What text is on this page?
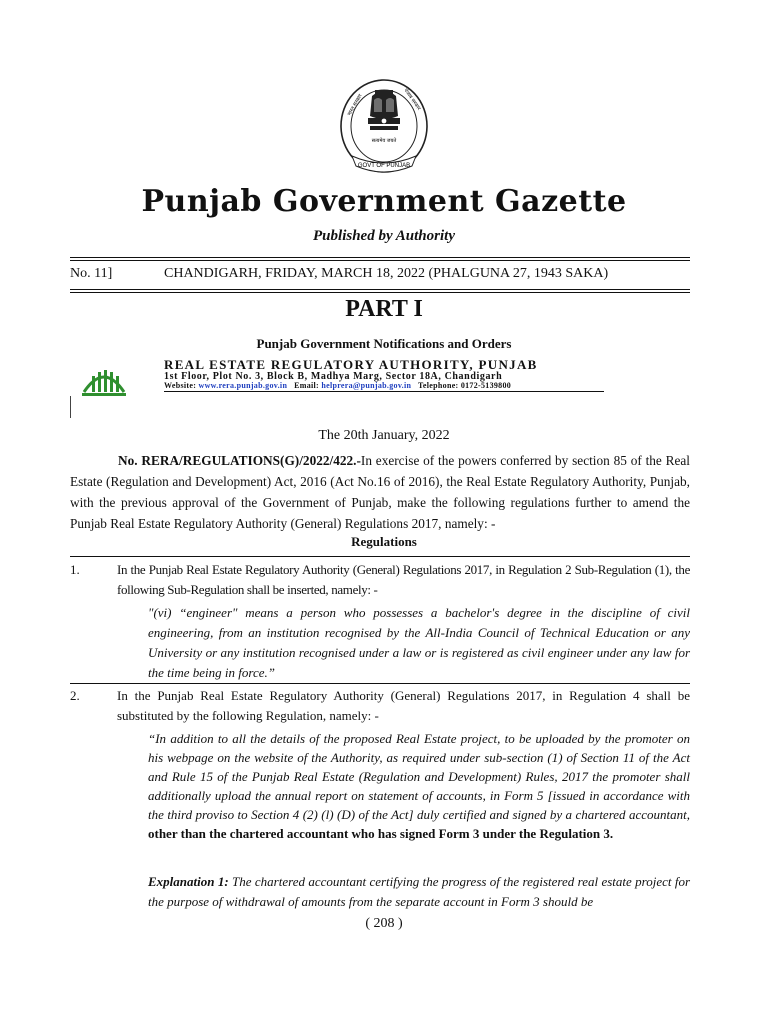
GOVT OF PUNJAB
सत्यमेव जयते
भारत सरकार	पंजाब सरकार
Punjab Government Gazette
Published by Authority
No. 11]	CHANDIGARH, FRIDAY, MARCH 18, 2022 (PHALGUNA 27, 1943 SAKA)
PART I
Punjab Government Notifications and Orders
REAL ESTATE REGULATORY AUTHORITY, PUNJAB
1st Floor, Plot No. 3, Block B, Madhya Marg, Sector 18A, Chandigarh
Website: www.rera.punjab.gov.in Email: helprera@punjab.gov.in Telephone: 0172-5139800
The 20th January, 2022
No. RERA/REGULATIONS(G)/2022/422.-In exercise of the powers conferred by section 85 of the Real Estate (Regulation and Development) Act, 2016 (Act No.16 of 2016), the Real Estate Regulatory Authority, Punjab, with the previous approval of the Government of Punjab, make the following regulations further to amend the Punjab Real Estate Regulatory Authority (General) Regulations 2017, namely: -
Regulations
1.	In the Punjab Real Estate Regulatory Authority (General) Regulations 2017, in Regulation 2 Sub-Regulation (1), the following Sub-Regulation shall be inserted, namely: -
"(vi) “engineer" means a person who possesses a bachelor's degree in the discipline of civil engineering, from an institution recognised by the All-India Council of Technical Education or any University or any institution recognised under a law or is registered as civil engineer under any law for the time being in force.”
2.	In the Punjab Real Estate Regulatory Authority (General) Regulations 2017, in Regulation 4 shall be substituted by the following Regulation, namely: -
“In addition to all the details of the proposed Real Estate project, to be uploaded by the promoter on his webpage on the website of the Authority, as required under sub-section (1) of Section 11 of the Act and Rule 15 of the Punjab Real Estate (Regulation and Development) Rules, 2017 the promoter shall additionally upload the annual report on statement of accounts, in Form 5 [issued in accordance with the third proviso to Section 4 (2) (l) (D) of the Act] duly certified and signed by a chartered accountant, other than the chartered accountant who has signed Form 3 under the Regulation 3.
Explanation 1: The chartered accountant certifying the progress of the registered real estate project for the purpose of withdrawal of amounts from the separate account in Form 3 should be
( 208 )
